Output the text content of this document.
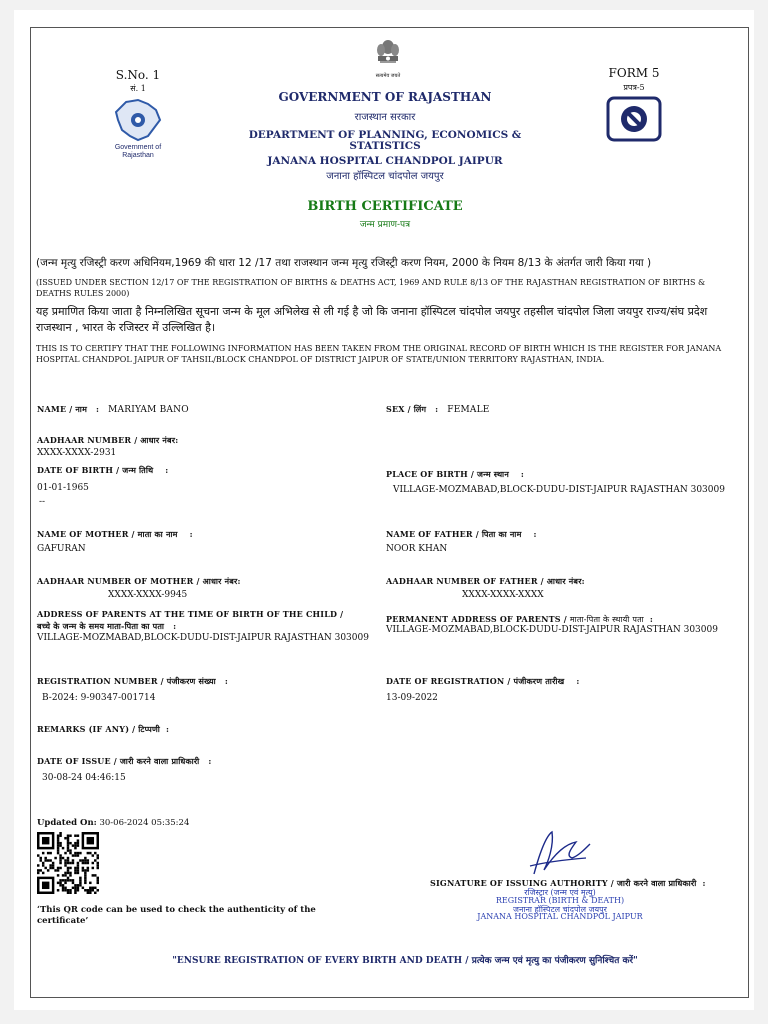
सत्यमेव जयते
S.No. 1
सं. 1
Government of
Rajasthan
FORM 5
प्रपत्र-5
GOVERNMENT OF RAJASTHAN
राजस्थान सरकार
DEPARTMENT OF PLANNING, ECONOMICS &
STATISTICS
JANANA HOSPITAL CHANDPOL JAIPUR
जनाना हॉस्पिटल चांदपोल जयपुर
BIRTH CERTIFICATE
जन्म प्रमाण-पत्र
(जन्म मृत्यु रजिस्ट्री करण अधिनियम,1969 की धारा 12 /17 तथा राजस्थान जन्म मृत्यु रजिस्ट्री करण नियम, 2000 के नियम 8/13 के अंतर्गत जारी किया गया )
(ISSUED UNDER SECTION 12/17 OF THE REGISTRATION OF BIRTHS & DEATHS ACT, 1969 AND RULE 8/13 OF THE RAJASTHAN REGISTRATION OF BIRTHS & DEATHS RULES 2000)
यह प्रमाणित किया जाता है निम्नलिखित सूचना जन्म के मूल अभिलेख से ली गई है जो कि जनाना हॉस्पिटल चांदपोल जयपुर तहसील चांदपोल जिला जयपुर राज्य/संघ प्रदेश राजस्थान , भारत के रजिस्टर में उल्लिखित है।
THIS IS TO CERTIFY THAT THE FOLLOWING INFORMATION HAS BEEN TAKEN FROM THE ORIGINAL RECORD OF BIRTH WHICH IS THE REGISTER FOR JANANA HOSPITAL CHANDPOL JAIPUR OF TAHSIL/BLOCK CHANDPOL OF DISTRICT JAIPUR OF STATE/UNION TERRITORY RAJASTHAN, INDIA.
NAME / नाम   :   MARIYAM BANO	SEX / लिंग   :   FEMALE
AADHAAR NUMBER / आधार नंबर:
XXXX-XXXX-2931
DATE OF BIRTH / जन्म तिथि    :
01-01-1965
--
PLACE OF BIRTH / जन्म स्थान    :
VILLAGE-MOZMABAD,BLOCK-DUDU-DIST-JAIPUR RAJASTHAN 303009
NAME OF MOTHER / माता का नाम    :
GAFURAN
NAME OF FATHER / पिता का नाम    :
NOOR KHAN
AADHAAR NUMBER OF MOTHER / आधार नंबर:
XXXX-XXXX-9945
AADHAAR NUMBER OF FATHER / आधार नंबर:
XXXX-XXXX-XXXX
ADDRESS OF PARENTS AT THE TIME OF BIRTH OF THE CHILD /
बच्चे के जन्म के समय माता-पिता का पता   :
VILLAGE-MOZMABAD,BLOCK-DUDU-DIST-JAIPUR RAJASTHAN 303009
PERMANENT ADDRESS OF PARENTS / माता-पिता के स्थायी पता  :
VILLAGE-MOZMABAD,BLOCK-DUDU-DIST-JAIPUR RAJASTHAN 303009
REGISTRATION NUMBER / पंजीकरण संख्या   :
B-2024: 9-90347-001714
DATE OF REGISTRATION / पंजीकरण तारीख    :
13-09-2022
REMARKS (IF ANY) / टिप्पणी  :
DATE OF ISSUE / जारी करने वाला प्राधिकारी   :
30-08-24 04:46:15
Updated On: 30-06-2024 05:35:24
‘This QR code can be used to check the authenticity of the certificate’
SIGNATURE OF ISSUING AUTHORITY / जारी करने वाला प्राधिकारी  :
रजिस्ट्रार (जन्म एवं मृत्यु)
REGISTRAR (BIRTH & DEATH)
जनाना हॉस्पिटल चांदपोल जयपुर
JANANA HOSPITAL CHANDPOL JAIPUR
"ENSURE REGISTRATION OF EVERY BIRTH AND DEATH / प्रत्येक जन्म एवं मृत्यु का पंजीकरण सुनिश्चित करें"
